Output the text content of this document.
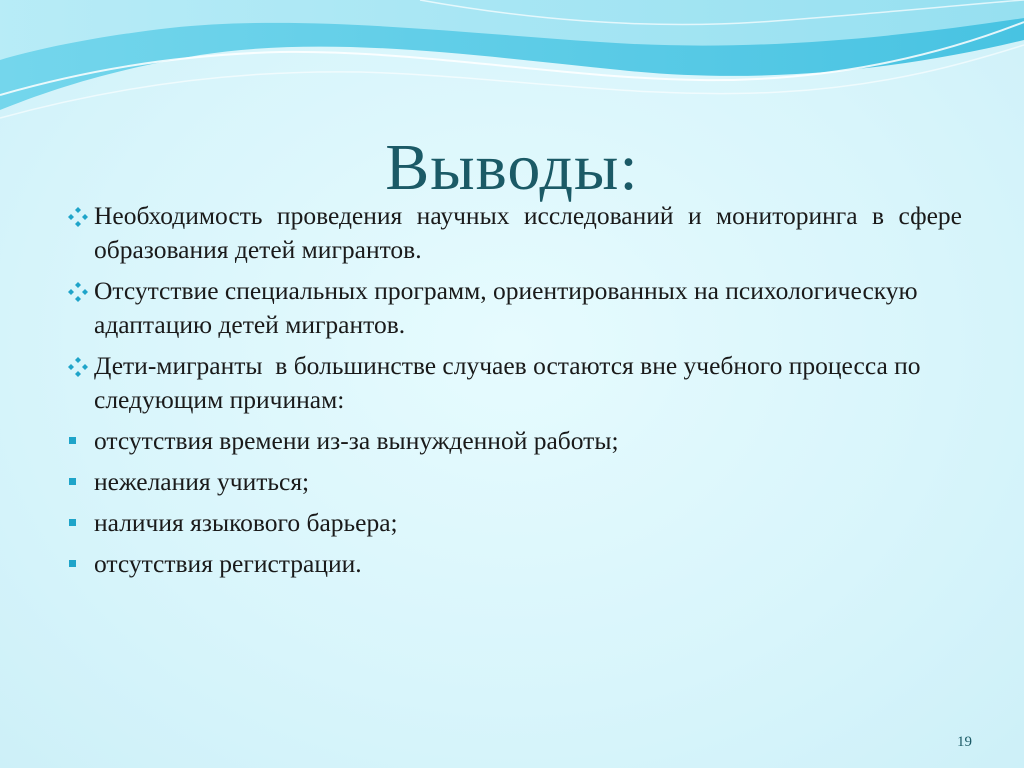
Выводы:
Необходимость проведения научных исследований и мониторинга в сфере образования детей мигрантов.
Отсутствие специальных программ, ориентированных на психологическую адаптацию детей мигрантов.
Дети-мигранты  в большинстве случаев остаются вне учебного процесса по следующим причинам:
отсутствия времени из-за вынужденной работы;
нежелания учиться;
наличия языкового барьера;
отсутствия регистрации.
19
